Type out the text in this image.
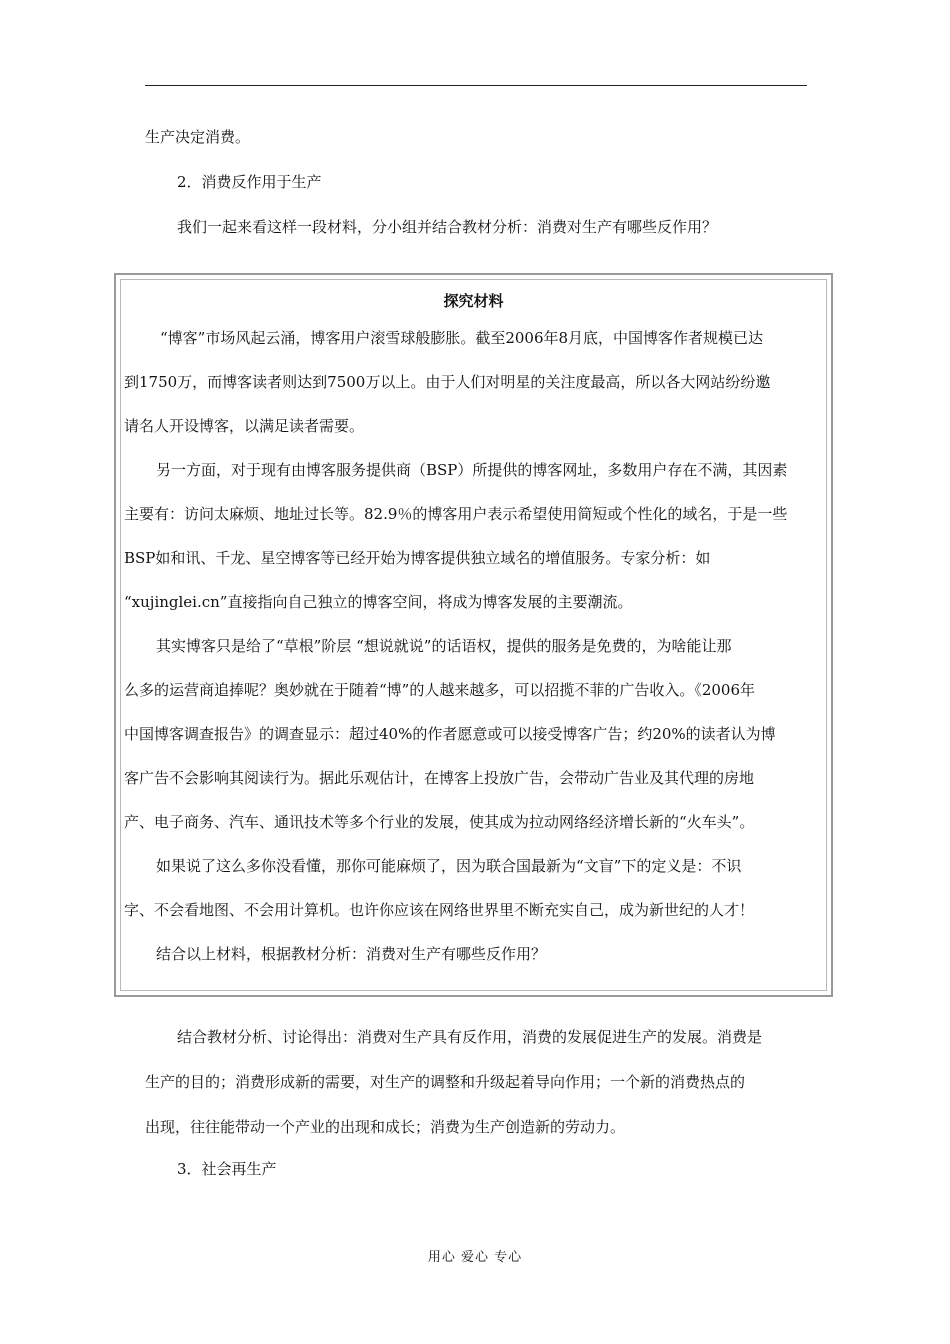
生产决定消费。
2．消费反作用于生产
我们一起来看这样一段材料，分小组并结合教材分析：消费对生产有哪些反作用？
探究材料
“博客”市场风起云涌，博客用户滚雪球般膨胀。截至2006年8月底，中国博客作者规模已达
到1750万，而博客读者则达到7500万以上。由于人们对明星的关注度最高，所以各大网站纷纷邀
请名人开设博客，以满足读者需要。
另一方面，对于现有由博客服务提供商（BSP）所提供的博客网址，多数用户存在不满，其因素
主要有：访问太麻烦、地址过长等。82.9％的博客用户表示希望使用简短或个性化的域名，于是一些
BSP如和讯、千龙、星空博客等已经开始为博客提供独立域名的增值服务。专家分析：如
“xujinglei.cn”直接指向自己独立的博客空间，将成为博客发展的主要潮流。
其实博客只是给了“草根”阶层 “想说就说”的话语权，提供的服务是免费的，为啥能让那
么多的运营商追捧呢？奥妙就在于随着“博”的人越来越多，可以招揽不菲的广告收入。《2006年
中国博客调查报告》的调查显示：超过40%的作者愿意或可以接受博客广告；约20%的读者认为博
客广告不会影响其阅读行为。据此乐观估计，在博客上投放广告，会带动广告业及其代理的房地
产、电子商务、汽车、通讯技术等多个行业的发展，使其成为拉动网络经济增长新的“火车头”。
如果说了这么多你没看懂，那你可能麻烦了，因为联合国最新为“文盲”下的定义是：不识
字、不会看地图、不会用计算机。也许你应该在网络世界里不断充实自己，成为新世纪的人才！
结合以上材料，根据教材分析：消费对生产有哪些反作用？
结合教材分析、讨论得出：消费对生产具有反作用，消费的发展促进生产的发展。消费是
生产的目的；消费形成新的需要，对生产的调整和升级起着导向作用；一个新的消费热点的
出现，往往能带动一个产业的出现和成长；消费为生产创造新的劳动力。
3．社会再生产
用心 爱心 专心
